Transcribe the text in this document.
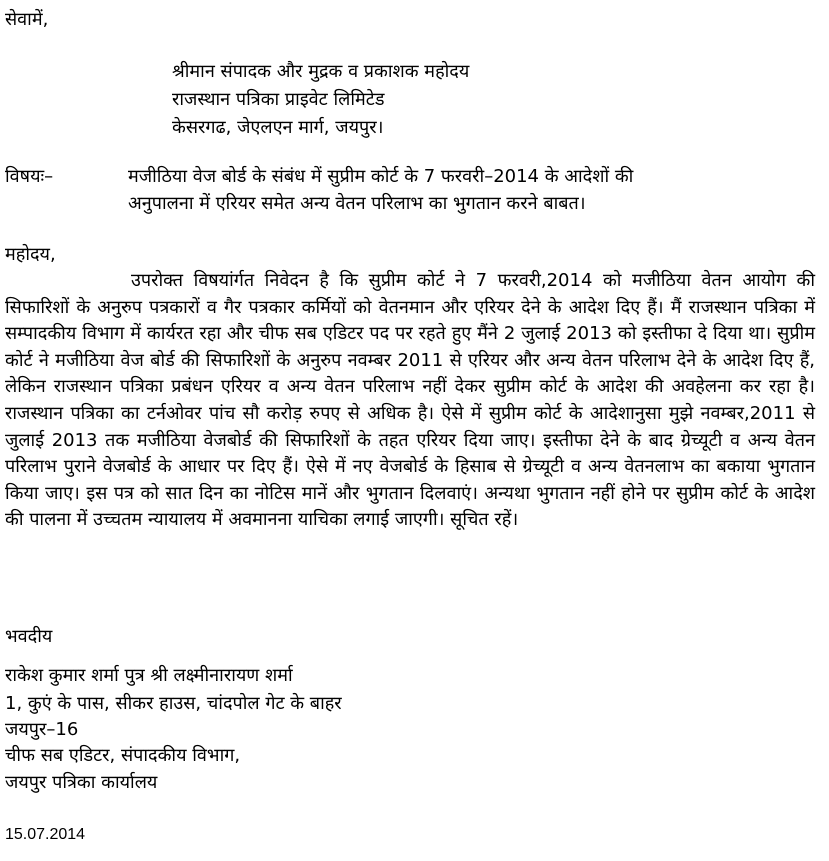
सेवामें,
श्रीमान संपादक और मुद्रक व प्रकाशक महोदय
राजस्थान पत्रिका प्राइवेट लिमिटेड
केसरगढ, जेएलएन मार्ग, जयपुर।
विषयः–	मजीठिया वेज बोर्ड के संबंध में सुप्रीम कोर्ट के 7 फरवरी–2014 के आदेशों की
अनुपालना में एरियर समेत अन्य वेतन परिलाभ का भुगतान करने बाबत।
महोदय,
उपरोक्त विषयांर्गत निवेदन है कि सुप्रीम कोर्ट ने 7 फरवरी,2014 को मजीठिया वेतन आयोग की सिफारिशों के अनुरुप पत्रकारों व गैर पत्रकार कर्मियों को वेतनमान और एरियर देने के आदेश दिए हैं। मैं राजस्थान पत्रिका में सम्पादकीय विभाग में कार्यरत रहा और चीफ सब एडिटर पद पर रहते हुए मैंने 2 जुलाई 2013 को इस्तीफा दे दिया था। सुप्रीम कोर्ट ने मजीठिया वेज बोर्ड की सिफारिशों के अनुरुप नवम्बर 2011 से एरियर और अन्य वेतन परिलाभ देने के आदेश दिए हैं, लेकिन राजस्थान पत्रिका प्रबंधन एरियर व अन्य वेतन परिलाभ नहीं देकर सुप्रीम कोर्ट के आदेश की अवहेलना कर रहा है। राजस्थान पत्रिका का टर्नओवर पांच सौ करोड़ रुपए से अधिक है। ऐसे में सुप्रीम कोर्ट के आदेशानुसा मुझे नवम्बर,2011 से जुलाई 2013 तक मजीठिया वेजबोर्ड की सिफारिशों के तहत एरियर दिया जाए। इस्तीफा देने के बाद ग्रेच्यूटी व अन्य वेतन परिलाभ पुराने वेजबोर्ड के आधार पर दिए हैं। ऐसे में नए वेजबोर्ड के हिसाब से ग्रेच्यूटी व अन्य वेतनलाभ का बकाया भुगतान किया जाए। इस पत्र को सात दिन का नोटिस मानें और भुगतान दिलवाएं। अन्यथा भुगतान नहीं होने पर सुप्रीम कोर्ट के आदेश की पालना में उच्चतम न्यायालय में अवमानना याचिका लगाई जाएगी। सूचित रहें।
भवदीय
राकेश कुमार शर्मा पुत्र श्री लक्ष्मीनारायण शर्मा
1, कुएं के पास, सीकर हाउस, चांदपोल गेट के बाहर
जयपुर–16
चीफ सब एडिटर, संपादकीय विभाग,
जयपुर पत्रिका कार्यालय
15.07.2014
